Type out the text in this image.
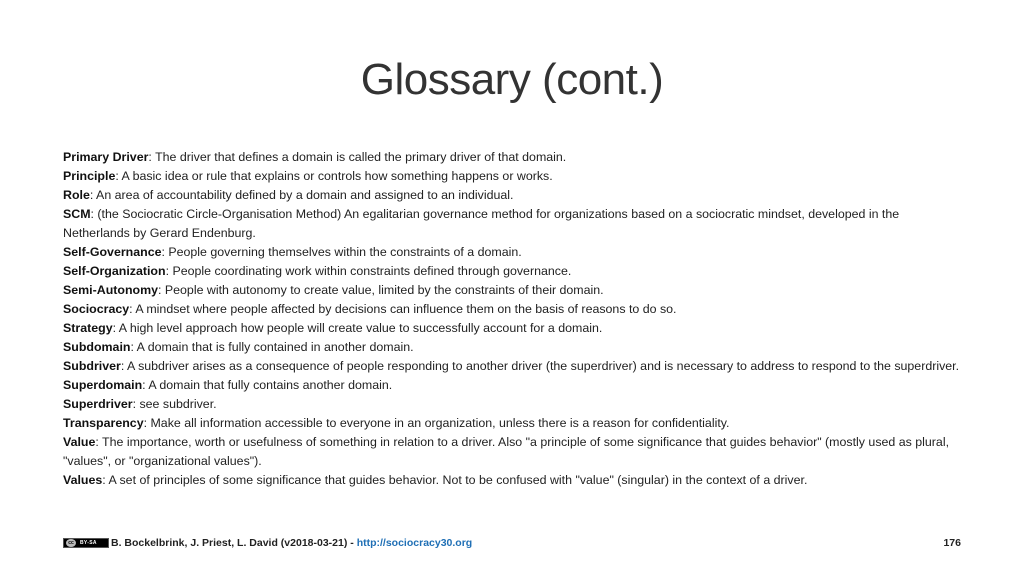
Glossary (cont.)

Primary Driver: The driver that defines a domain is called the primary driver of that domain.

Principle: A basic idea or rule that explains or controls how something happens or works.

Role: An area of accountability defined by a domain and assigned to an individual.

SCM: (the Sociocratic Circle-Organisation Method) An egalitarian governance method for organizations based on a sociocratic mindset, developed in the Netherlands by Gerard Endenburg.

Self-Governance: People governing themselves within the constraints of a domain.

Self-Organization: People coordinating work within constraints defined through governance.

Semi-Autonomy: People with autonomy to create value, limited by the constraints of their domain.

Sociocracy: A mindset where people affected by decisions can influence them on the basis of reasons to do so.

Strategy: A high level approach how people will create value to successfully account for a domain.

Subdomain: A domain that is fully contained in another domain.

Subdriver: A subdriver arises as a consequence of people responding to another driver (the superdriver) and is necessary to address to respond to the superdriver.

Superdomain: A domain that fully contains another domain.

Superdriver: see subdriver.

Transparency: Make all information accessible to everyone in an organization, unless there is a reason for confidentiality.

Value: The importance, worth or usefulness of something in relation to a driver. Also "a principle of some significance that guides behavior" (mostly used as plural, "values", or "organizational values").

Values: A set of principles of some significance that guides behavior. Not to be confused with "value" (singular) in the context of a driver.

cc	BY-SA B. Bockelbrink, J. Priest, L. David (v2018-03-21) - http://sociocracy30.org	176
